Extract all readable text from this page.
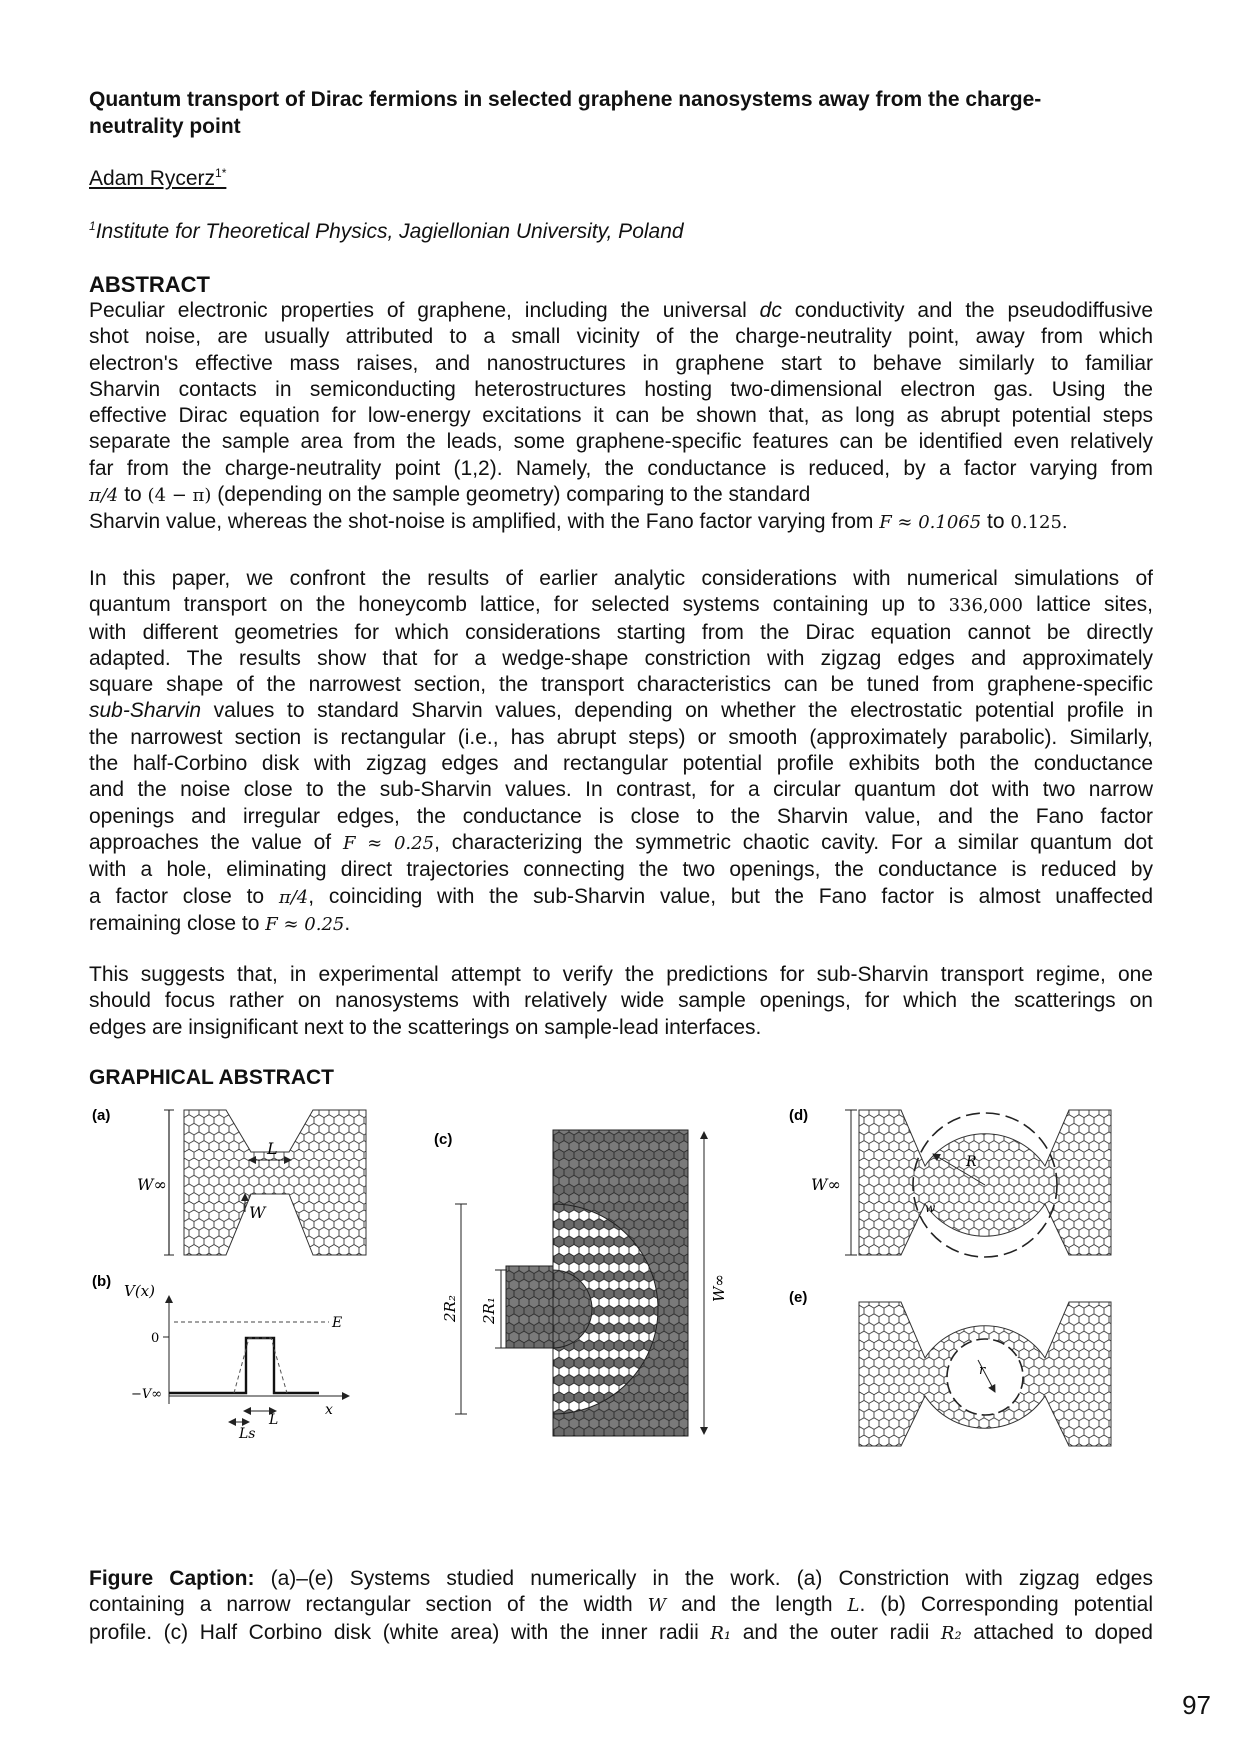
Quantum transport of Dirac fermions in selected graphene nanosystems away from the charge-
neutrality point
Adam Rycerz$^{1*}$
$^1$Institute for Theoretical Physics, Jagiellonian University, Poland
ABSTRACT
Peculiar electronic properties of graphene, including the universal dc conductivity and the pseudodiffusive
shot noise, are usually attributed to a small vicinity of the charge-neutrality point, away from which
electron's effective mass raises, and nanostructures in graphene start to behave similarly to familiar
Sharvin contacts in semiconducting heterostructures hosting two-dimensional electron gas. Using the
effective Dirac equation for low-energy excitations it can be shown that, as long as abrupt potential steps
separate the sample area from the leads, some graphene-specific features can be identified even relatively
far from the charge-neutrality point (1,2). Namely, the conductance is reduced, by a factor varying from
π/4 to (4 − π) (depending on the sample geometry) comparing to the standard
Sharvin value, whereas the shot-noise is amplified, with the Fano factor varying from F ≈ 0.1065 to 0.125.
In this paper, we confront the results of earlier analytic considerations with numerical simulations of
quantum transport on the honeycomb lattice, for selected systems containing up to 336,000 lattice sites,
with different geometries for which considerations starting from the Dirac equation cannot be directly
adapted. The results show that for a wedge-shape constriction with zigzag edges and approximately
square shape of the narrowest section, the transport characteristics can be tuned from graphene-specific
sub-Sharvin values to standard Sharvin values, depending on whether the electrostatic potential profile in
the narrowest section is rectangular (i.e., has abrupt steps) or smooth (approximately parabolic). Similarly,
the half-Corbino disk with zigzag edges and rectangular potential profile exhibits both the conductance
and the noise close to the sub-Sharvin values. In contrast, for a circular quantum dot with two narrow
openings and irregular edges, the conductance is close to the Sharvin value, and the Fano factor
approaches the value of F ≈ 0.25, characterizing the symmetric chaotic cavity. For a similar quantum dot
with a hole, eliminating direct trajectories connecting the two openings, the conductance is reduced by
a factor close to π/4, coinciding with the sub-Sharvin value, but the Fano factor is almost unaffected
remaining close to F ≈ 0.25.
This suggests that, in experimental attempt to verify the predictions for sub-Sharvin transport regime, one
should focus rather on nanosystems with relatively wide sample openings, for which the scatterings on
edges are insignificant next to the scatterings on sample-lead interfaces.
GRAPHICAL ABSTRACT
(a)
W∞
L
W
(b)
V(x)
E
0
−V∞
x
L
Ls
(c)
2R₂ 2R₁
W∞
(d)
R
W∞
w
(e)
r
Figure Caption: (a)–(e) Systems studied numerically in the work. (a) Constriction with zigzag edges
containing a narrow rectangular section of the width W and the length L. (b) Corresponding potential
profile. (c) Half Corbino disk (white area) with the inner radii R₁ and the outer radii R₂ attached to doped
97
